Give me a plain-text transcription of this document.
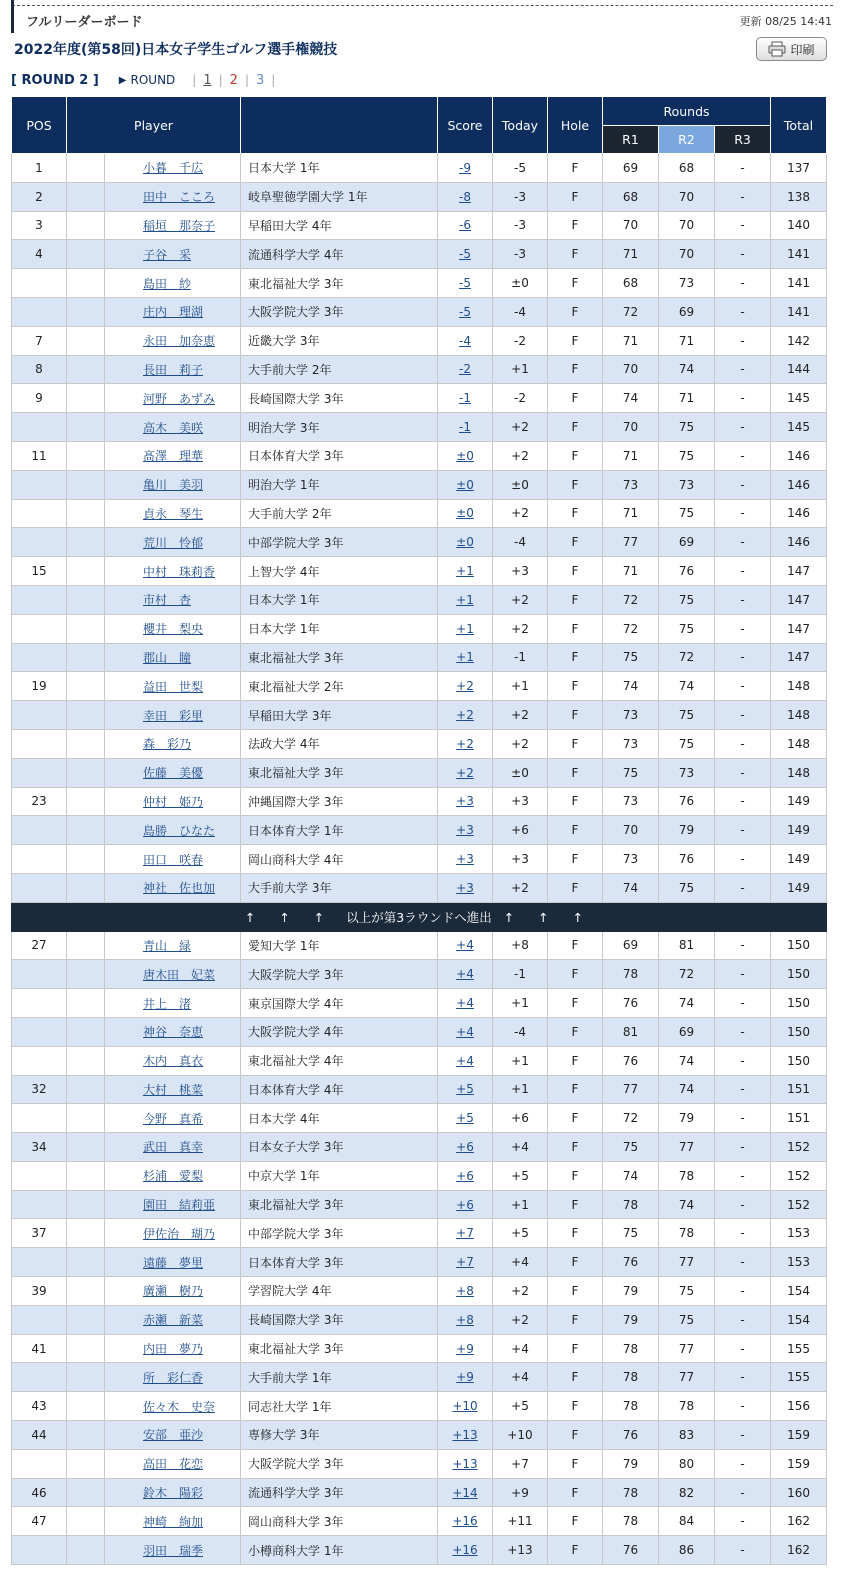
フルリーダーボード	更新 08/25 14:41
2022年度(第58回)日本女子学生ゴルフ選手権競技	印刷
[ ROUND 2 ] ▶ ROUND | 1 | 2 | 3 |
POS	Player			Score	Today	Hole	Rounds			Total
							R1	R2	R3	
1		小暮　千広	日本大学 1年	-9	-5	F	69	68	-	137
2		田中　こころ	岐阜聖徳学園大学 1年	-8	-3	F	68	70	-	138
3		稲垣　那奈子	早稲田大学 4年	-6	-3	F	70	70	-	140
4		子谷　采	流通科学大学 4年	-5	-3	F	71	70	-	141
		島田　紗	東北福祉大学 3年	-5	±0	F	68	73	-	141
		庄内　理湖	大阪学院大学 3年	-5	-4	F	72	69	-	141
7		永田　加奈恵	近畿大学 3年	-4	-2	F	71	71	-	142
8		長田　莉子	大手前大学 2年	-2	+1	F	70	74	-	144
9		河野　あずみ	長崎国際大学 3年	-1	-2	F	74	71	-	145
		高木　美咲	明治大学 3年	-1	+2	F	70	75	-	145
11		髙澤　理華	日本体育大学 3年	±0	+2	F	71	75	-	146
		亀川　美羽	明治大学 1年	±0	±0	F	73	73	-	146
		貞永　琴生	大手前大学 2年	±0	+2	F	71	75	-	146
		荒川　怜郁	中部学院大学 3年	±0	-4	F	77	69	-	146
15		中村　珠莉香	上智大学 4年	+1	+3	F	71	76	-	147
		市村　杏	日本大学 1年	+1	+2	F	72	75	-	147
		櫻井　梨央	日本大学 1年	+1	+2	F	72	75	-	147
		郡山　瞳	東北福祉大学 3年	+1	-1	F	75	72	-	147
19		益田　世梨	東北福祉大学 2年	+2	+1	F	74	74	-	148
		幸田　彩里	早稲田大学 3年	+2	+2	F	73	75	-	148
		森　彩乃	法政大学 4年	+2	+2	F	73	75	-	148
		佐藤　美優	東北福祉大学 3年	+2	±0	F	75	73	-	148
23		仲村　姫乃	沖縄国際大学 3年	+3	+3	F	73	76	-	149
		島勝　ひなた	日本体育大学 1年	+3	+6	F	70	79	-	149
		田口　咲春	岡山商科大学 4年	+3	+3	F	73	76	-	149
		神社　佐也加	大手前大学 3年	+3	+2	F	74	75	-	149
↑ ↑ ↑ 以上が第3ラウンドへ進出 ↑ ↑ ↑										
27		青山　緑	愛知大学 1年	+4	+8	F	69	81	-	150
		唐木田　妃菜	大阪学院大学 3年	+4	-1	F	78	72	-	150
		井上　渚	東京国際大学 4年	+4	+1	F	76	74	-	150
		神谷　奈恵	大阪学院大学 4年	+4	-4	F	81	69	-	150
		木内　真衣	東北福祉大学 4年	+4	+1	F	76	74	-	150
32		大村　桃菜	日本体育大学 4年	+5	+1	F	77	74	-	151
		今野　真希	日本大学 4年	+5	+6	F	72	79	-	151
34		武田　真幸	日本女子大学 3年	+6	+4	F	75	77	-	152
		杉浦　愛梨	中京大学 1年	+6	+5	F	74	78	-	152
		園田　結莉亜	東北福祉大学 3年	+6	+1	F	78	74	-	152
37		伊佐治　瑚乃	中部学院大学 3年	+7	+5	F	75	78	-	153
		遠藤　夢里	日本体育大学 3年	+7	+4	F	76	77	-	153
39		廣瀬　樹乃	学習院大学 4年	+8	+2	F	79	75	-	154
		赤瀬　新菜	長崎国際大学 3年	+8	+2	F	79	75	-	154
41		内田　夢乃	東北福祉大学 3年	+9	+4	F	78	77	-	155
		所　彩仁香	大手前大学 1年	+9	+4	F	78	77	-	155
43		佐々木　史奈	同志社大学 1年	+10	+5	F	78	78	-	156
44		安部　亜沙	専修大学 3年	+13	+10	F	76	83	-	159
		高田　花恋	大阪学院大学 3年	+13	+7	F	79	80	-	159
46		鈴木　陽彩	流通科学大学 3年	+14	+9	F	78	82	-	160
47		神崎　絢加	岡山商科大学 3年	+16	+11	F	78	84	-	162
		羽田　瑞季	小樽商科大学 1年	+16	+13	F	76	86	-	162
